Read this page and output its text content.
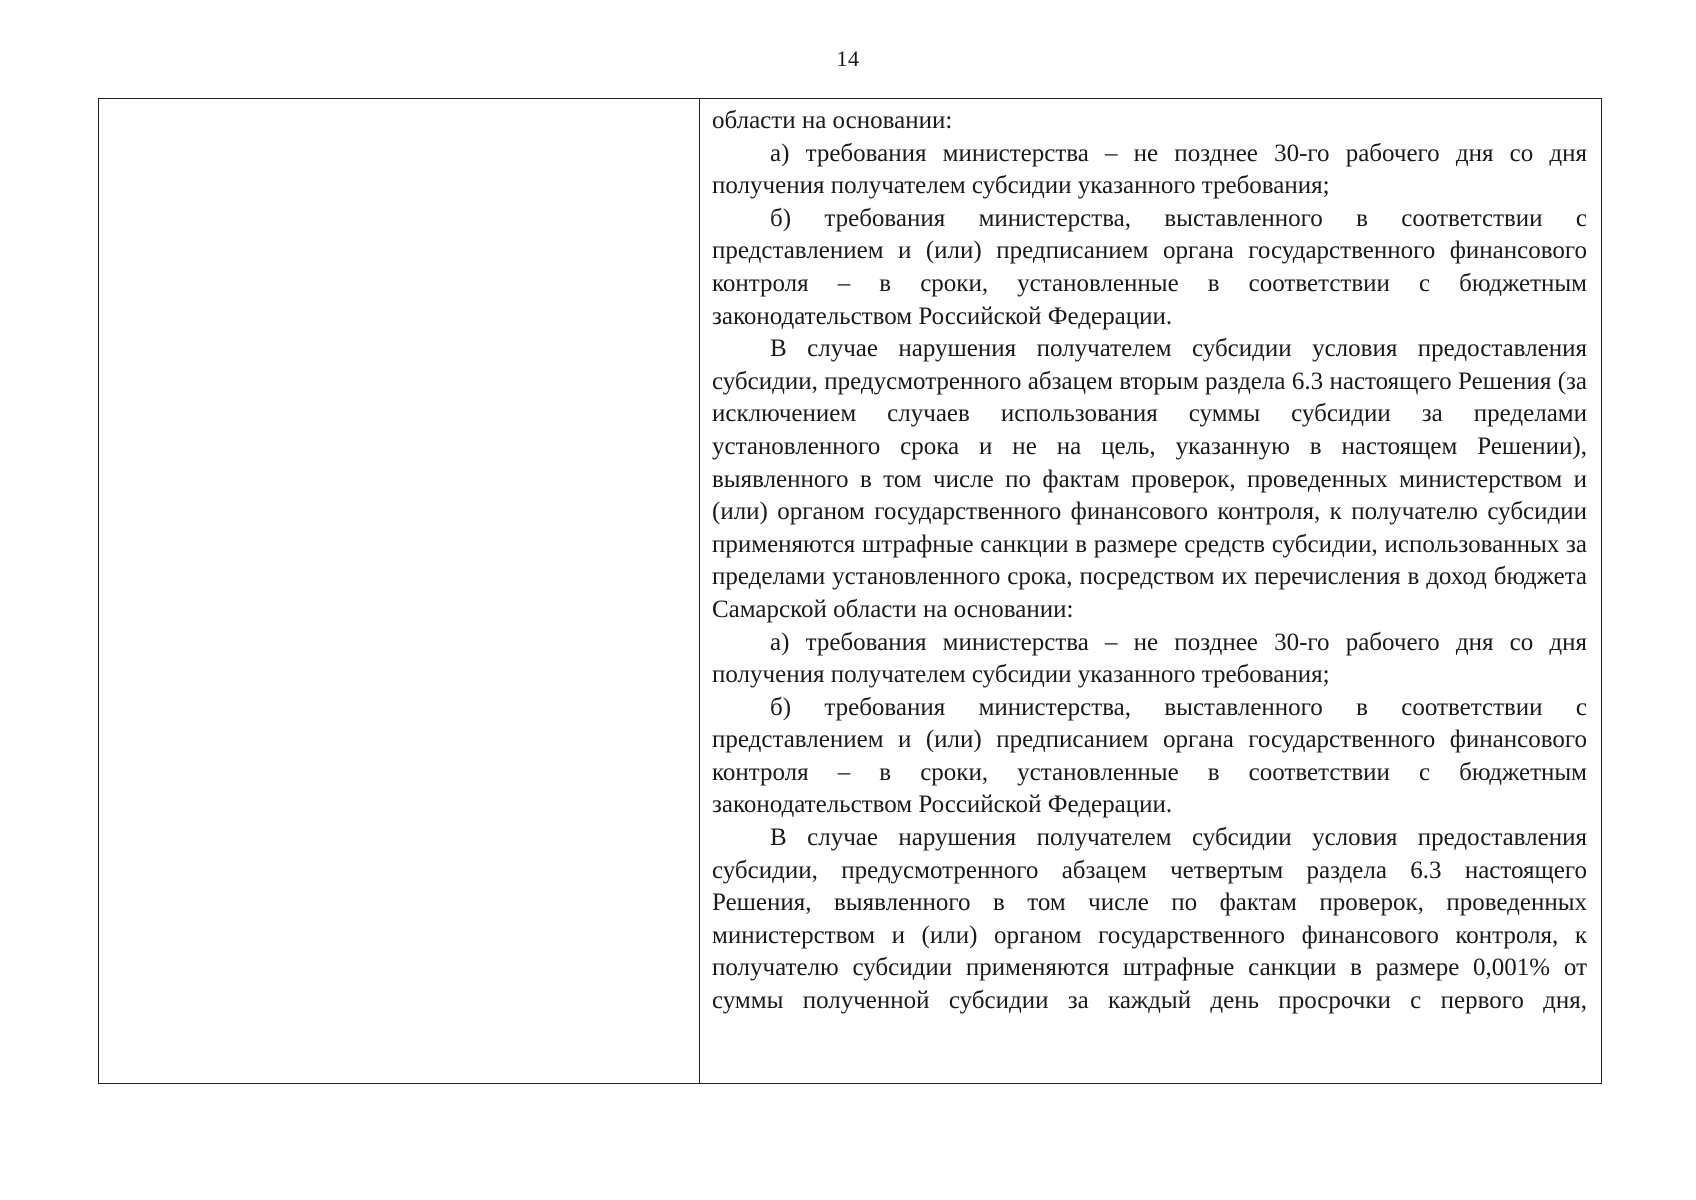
14

области на основании:

а) требования министерства – не позднее 30-го рабочего дня со дня получения получателем субсидии указанного требования;

б) требования министерства, выставленного в соответствии с представлением и (или) предписанием органа государственного финансового контроля – в сроки, установленные в соответствии с бюджетным законодательством Российской Федерации.

В случае нарушения получателем субсидии условия предоставления субсидии, предусмотренного абзацем вторым раздела 6.3 настоящего Решения (за исключением случаев использования суммы субсидии за пределами установленного срока и не на цель, указанную в настоящем Решении), выявленного в том числе по фактам проверок, проведенных министерством и (или) органом государственного финансового контроля, к получателю субсидии применяются штрафные санкции в размере средств субсидии, использованных за пределами установленного срока, посредством их перечисления в доход бюджета Самарской области на основании:

а) требования министерства – не позднее 30-го рабочего дня со дня получения получателем субсидии указанного требования;

б) требования министерства, выставленного в соответствии с представлением и (или) предписанием органа государственного финансового контроля – в сроки, установленные в соответствии с бюджетным законодательством Российской Федерации.

В случае нарушения получателем субсидии условия предоставления субсидии, предусмотренного абзацем четвертым раздела 6.3 настоящего Решения, выявленного в том числе по фактам проверок, проведенных министерством и (или) органом государственного финансового контроля, к получателю субсидии применяются штрафные санкции в размере 0,001% от суммы полученной субсидии за каждый день просрочки с первого дня,
